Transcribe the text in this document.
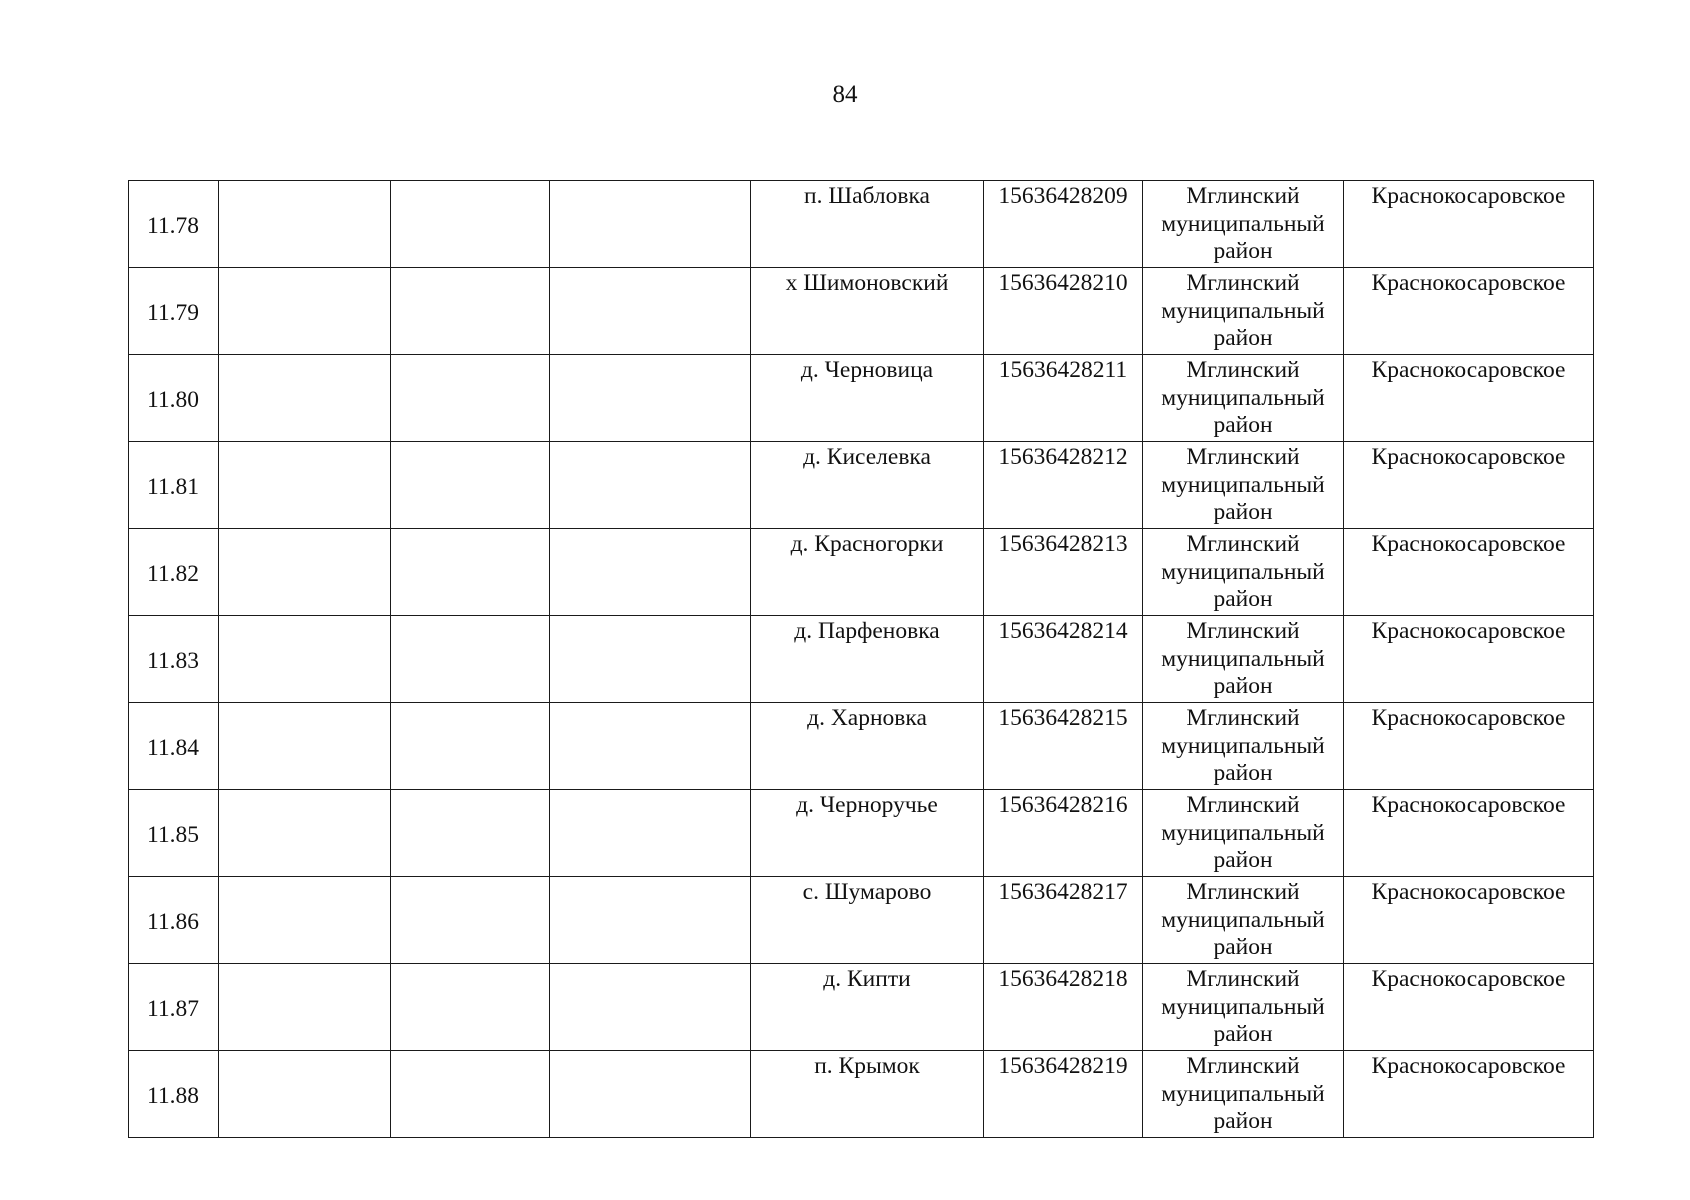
84
11.78				п. Шабловка	15636428209	Мглинский
муниципальный
район	Краснокосаровское
11.79				х Шимоновский	15636428210	Мглинский
муниципальный
район	Краснокосаровское
11.80				д. Черновица	15636428211	Мглинский
муниципальный
район	Краснокосаровское
11.81				д. Киселевка	15636428212	Мглинский
муниципальный
район	Краснокосаровское
11.82				д. Красногорки	15636428213	Мглинский
муниципальный
район	Краснокосаровское
11.83				д. Парфеновка	15636428214	Мглинский
муниципальный
район	Краснокосаровское
11.84				д. Харновка	15636428215	Мглинский
муниципальный
район	Краснокосаровское
11.85				д. Черноручье	15636428216	Мглинский
муниципальный
район	Краснокосаровское
11.86				с. Шумарово	15636428217	Мглинский
муниципальный
район	Краснокосаровское
11.87				д. Кипти	15636428218	Мглинский
муниципальный
район	Краснокосаровское
11.88				п. Крымок	15636428219	Мглинский
муниципальный
район	Краснокосаровское
